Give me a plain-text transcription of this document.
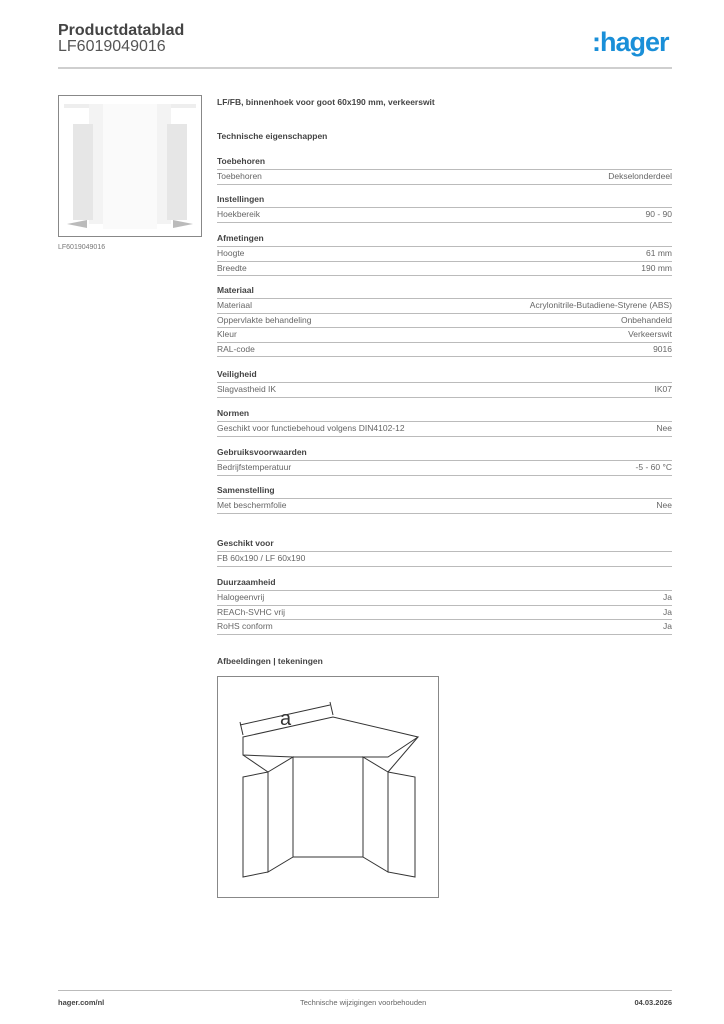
Productdatablad
LF6019049016	:hager
LF6019049016
LF/FB, binnenhoek voor goot 60x190 mm, verkeerswit
Technische eigenschappen
Toebehoren
Toebehoren	Dekselonderdeel
Instellingen
Hoekbereik	90 - 90
Afmetingen
Hoogte	61 mm
Breedte	190 mm
Materiaal
Materiaal	Acrylonitrile-Butadiene-Styrene (ABS)
Oppervlakte behandeling	Onbehandeld
Kleur	Verkeerswit
RAL-code	9016
Veiligheid
Slagvastheid IK	IK07
Normen
Geschikt voor functiebehoud volgens DIN4102-12	Nee
Gebruiksvoorwaarden
Bedrijfstemperatuur	-5 - 60 °C
Samenstelling
Met beschermfolie	Nee
Geschikt voor
FB 60x190 / LF 60x190
Duurzaamheid
Halogeenvrij	Ja
REACh-SVHC vrij	Ja
RoHS conform	Ja
Afbeeldingen | tekeningen
a
hager.com/nl	Technische wijzigingen voorbehouden	04.03.2026
